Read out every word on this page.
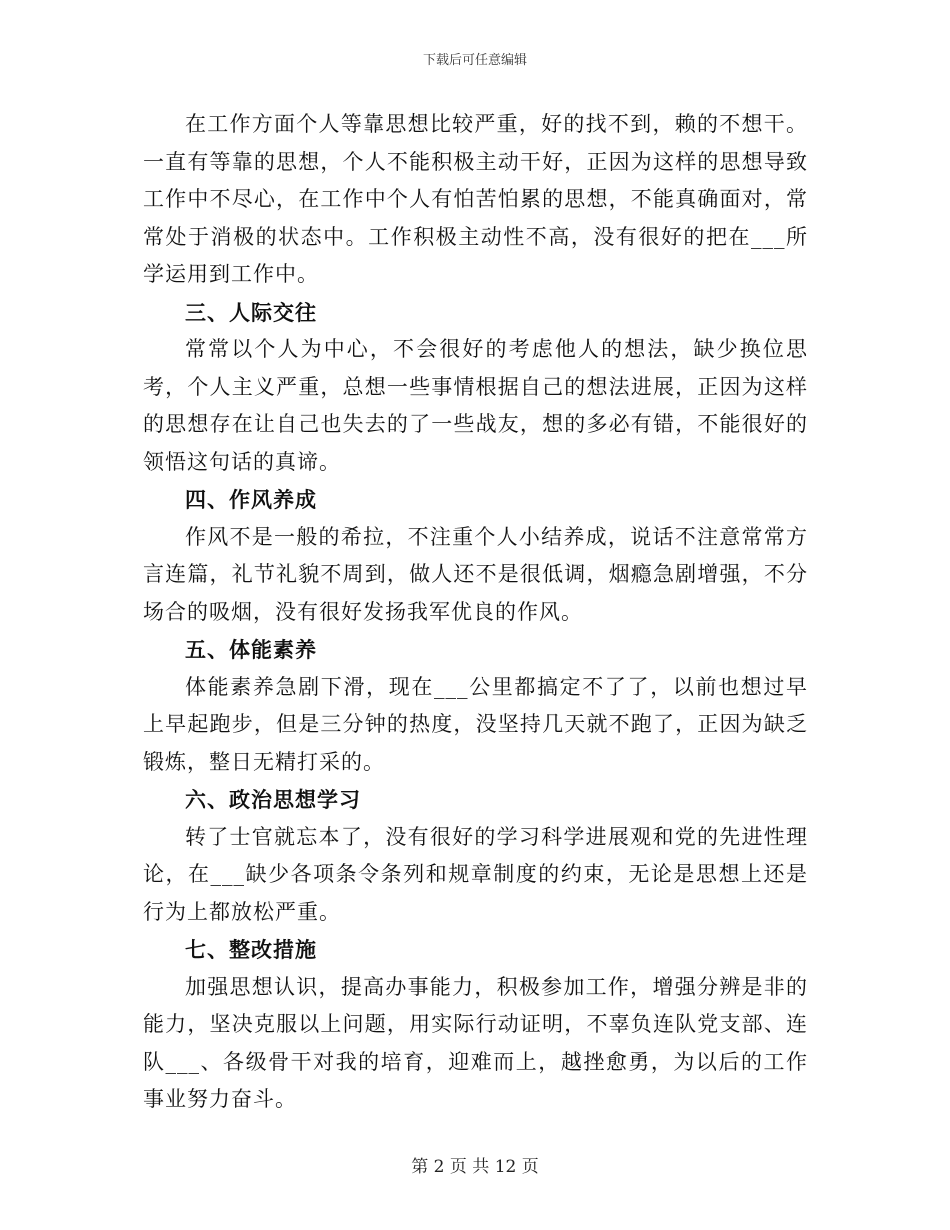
下载后可任意编辑

在工作方面个人等靠思想比较严重，好的找不到，赖的不想干。一直有等靠的思想，个人不能积极主动干好，正因为这样的思想导致工作中不尽心，在工作中个人有怕苦怕累的思想，不能真确面对，常常处于消极的状态中。工作积极主动性不高，没有很好的把在___所学运用到工作中。

三、人际交往

常常以个人为中心，不会很好的考虑他人的想法，缺少换位思考，个人主义严重，总想一些事情根据自己的想法进展，正因为这样的思想存在让自己也失去的了一些战友，想的多必有错，不能很好的领悟这句话的真谛。

四、作风养成

作风不是一般的希拉，不注重个人小结养成，说话不注意常常方言连篇，礼节礼貌不周到，做人还不是很低调，烟瘾急剧增强，不分场合的吸烟，没有很好发扬我军优良的作风。

五、体能素养

体能素养急剧下滑，现在___公里都搞定不了了，以前也想过早上早起跑步，但是三分钟的热度，没坚持几天就不跑了，正因为缺乏锻炼，整日无精打采的。

六、政治思想学习

转了士官就忘本了，没有很好的学习科学进展观和党的先进性理论，在___缺少各项条令条列和规章制度的约束，无论是思想上还是行为上都放松严重。

七、整改措施

加强思想认识，提高办事能力，积极参加工作，增强分辨是非的能力，坚决克服以上问题，用实际行动证明，不辜负连队党支部、连队___、各级骨干对我的培育，迎难而上，越挫愈勇，为以后的工作事业努力奋斗。

第 2 页 共 12 页
